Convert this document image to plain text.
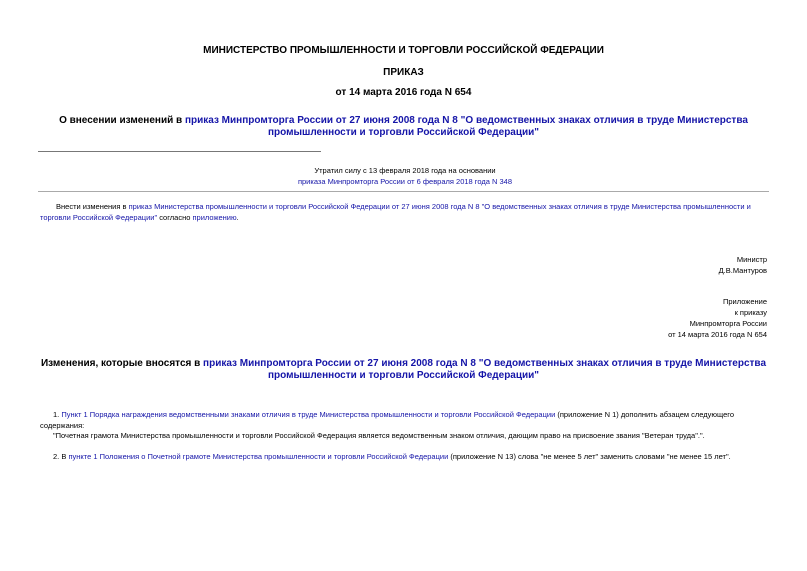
МИНИСТЕРСТВО ПРОМЫШЛЕННОСТИ И ТОРГОВЛИ РОССИЙСКОЙ ФЕДЕРАЦИИ
ПРИКАЗ
от 14 марта 2016 года N 654
О внесении изменений в приказ Минпромторга России от 27 июня 2008 года N 8 "О ведомственных знаках отличия в труде Министерства промышленности и торговли Российской Федерации"
Утратил силу с 13 февраля 2018 года на основании
приказа Минпромторга России от 6 февраля 2018 года N 348
Внести изменения в приказ Министерства промышленности и торговли Российской Федерации от 27 июня 2008 года N 8 "О ведомственных знаках отличия в труде Министерства промышленности и торговли Российской Федерации" согласно приложению.
Министр
Д.В.Мантуров
Приложение
к приказу
Минпромторга России
от 14 марта 2016 года N 654
Изменения, которые вносятся в приказ Минпромторга России от 27 июня 2008 года N 8 "О ведомственных знаках отличия в труде Министерства промышленности и торговли Российской Федерации"
1. Пункт 1 Порядка награждения ведомственными знаками отличия в труде Министерства промышленности и торговли Российской Федерации (приложение N 1) дополнить абзацем следующего содержания:
"Почетная грамота Министерства промышленности и торговли Российской Федерация является ведомственным знаком отличия, дающим право на присвоение звания "Ветеран труда".".
2. В пункте 1 Положения о Почетной грамоте Министерства промышленности и торговли Российской Федерации (приложение N 13) слова "не менее 5 лет" заменить словами "не менее 15 лет".
